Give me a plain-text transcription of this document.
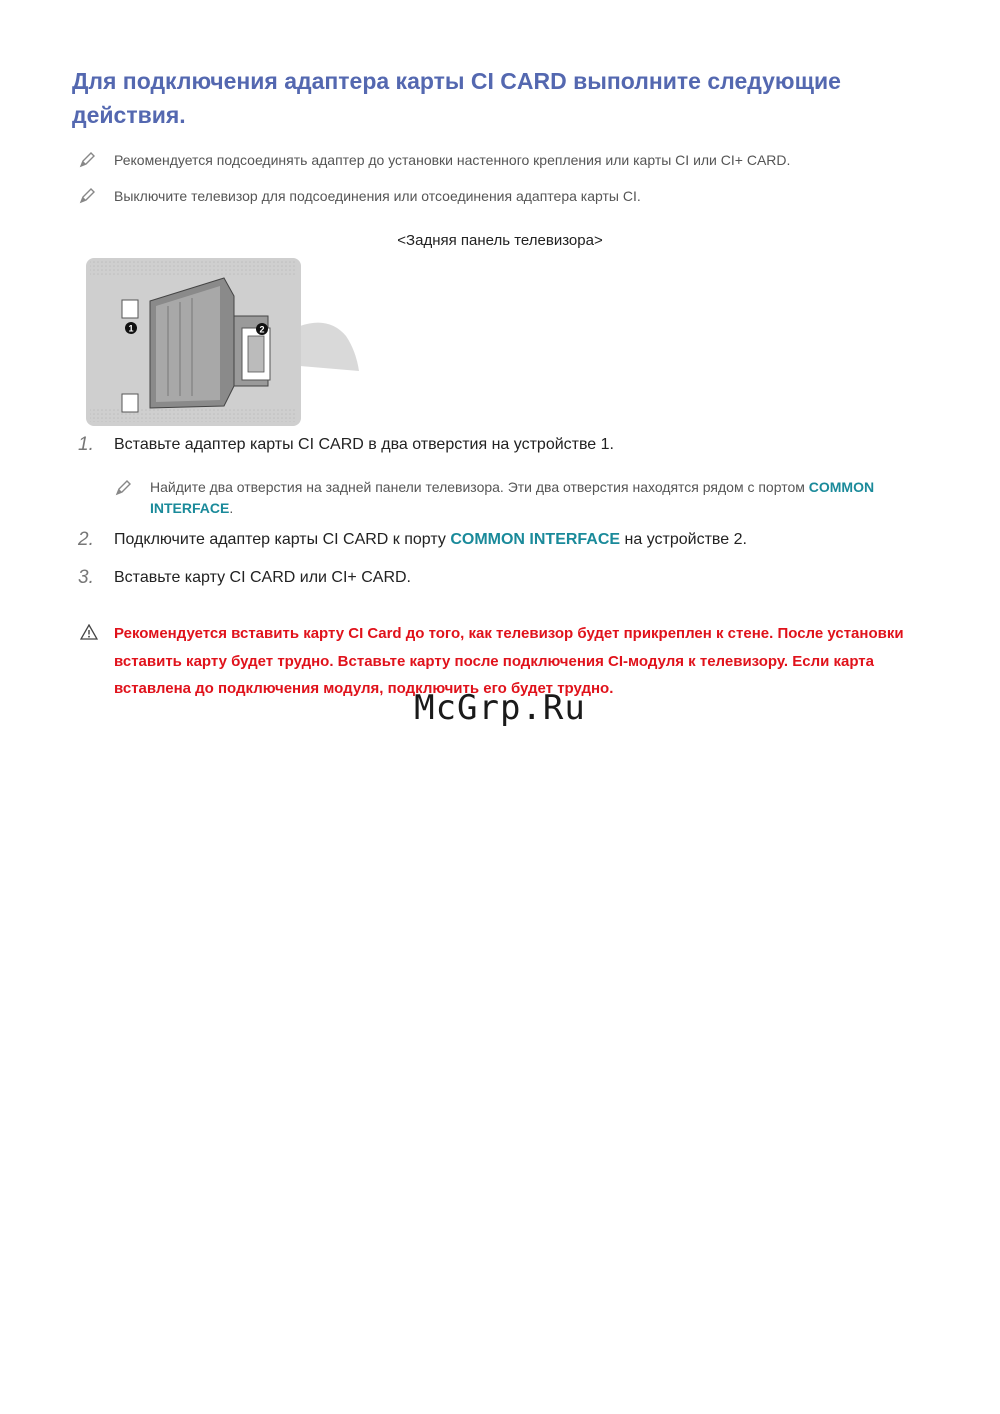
Для подключения адаптера карты CI CARD выполните следующие действия.
Рекомендуется подсоединять адаптер до установки настенного крепления или карты CI или CI+ CARD.
Выключите телевизор для подсоединения или отсоединения адаптера карты CI.
<Задняя панель телевизора>
1	2
1. Вставьте адаптер карты CI CARD в два отверстия на устройстве 1.
Найдите два отверстия на задней панели телевизора. Эти два отверстия находятся рядом с портом COMMON INTERFACE.
2. Подключите адаптер карты CI CARD к порту COMMON INTERFACE на устройстве 2.
3. Вставьте карту CI CARD или CI+ CARD.
Рекомендуется вставить карту CI Card до того, как телевизор будет прикреплен к стене. После установки вставить карту будет трудно. Вставьте карту после подключения CI-модуля к телевизору. Если карта вставлена до подключения модуля, подключить его будет трудно.
McGrp.Ru
